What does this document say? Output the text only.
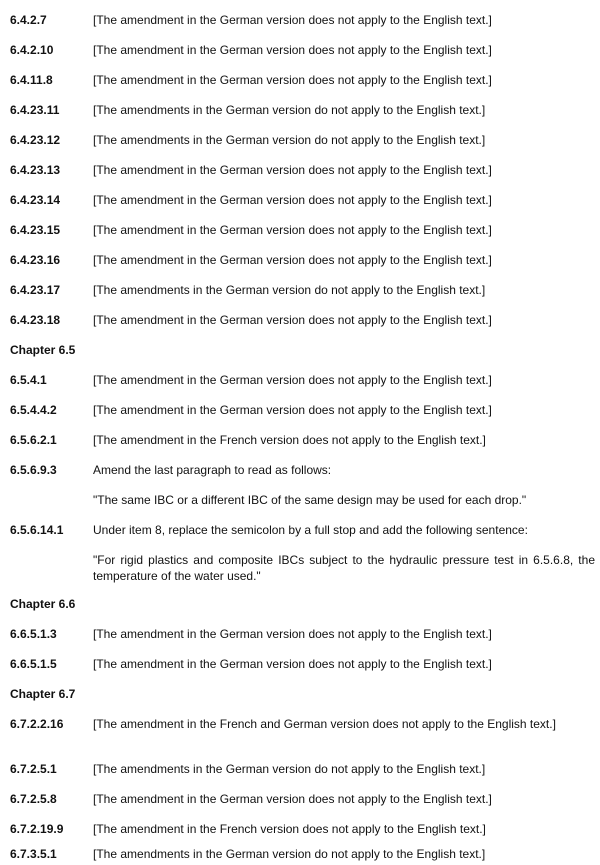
6.4.2.7	[The amendment in the German version does not apply to the English text.]
6.4.2.10	[The amendment in the German version does not apply to the English text.]
6.4.11.8	[The amendment in the German version does not apply to the English text.]
6.4.23.11	[The amendments in the German version do not apply to the English text.]
6.4.23.12	[The amendments in the German version do not apply to the English text.]
6.4.23.13	[The amendment in the German version does not apply to the English text.]
6.4.23.14	[The amendment in the German version does not apply to the English text.]
6.4.23.15	[The amendment in the German version does not apply to the English text.]
6.4.23.16	[The amendment in the German version does not apply to the English text.]
6.4.23.17	[The amendments in the German version do not apply to the English text.]
6.4.23.18	[The amendment in the German version does not apply to the English text.]
Chapter 6.5
6.5.4.1	[The amendment in the German version does not apply to the English text.]
6.5.4.4.2	[The amendment in the German version does not apply to the English text.]
6.5.6.2.1	[The amendment in the French version does not apply to the English text.]
6.5.6.9.3	Amend the last paragraph to read as follows:
"The same IBC or a different IBC of the same design may be used for each drop."
6.5.6.14.1 Under item 8, replace the semicolon by a full stop and add the following sentence:
"For rigid plastics and composite IBCs subject to the hydraulic pressure test in 6.5.6.8, the temperature of the water used."
Chapter 6.6
6.6.5.1.3	[The amendment in the German version does not apply to the English text.]
6.6.5.1.5	[The amendment in the German version does not apply to the English text.]
Chapter 6.7
6.7.2.2.16 [The amendment in the French and German version does not apply to the English text.]
6.7.2.5.1	[The amendments in the German version do not apply to the English text.]
6.7.2.5.8	[The amendment in the German version does not apply to the English text.]
6.7.2.19.9 [The amendment in the French version does not apply to the English text.]
6.7.3.5.1	[The amendments in the German version do not apply to the English text.]
